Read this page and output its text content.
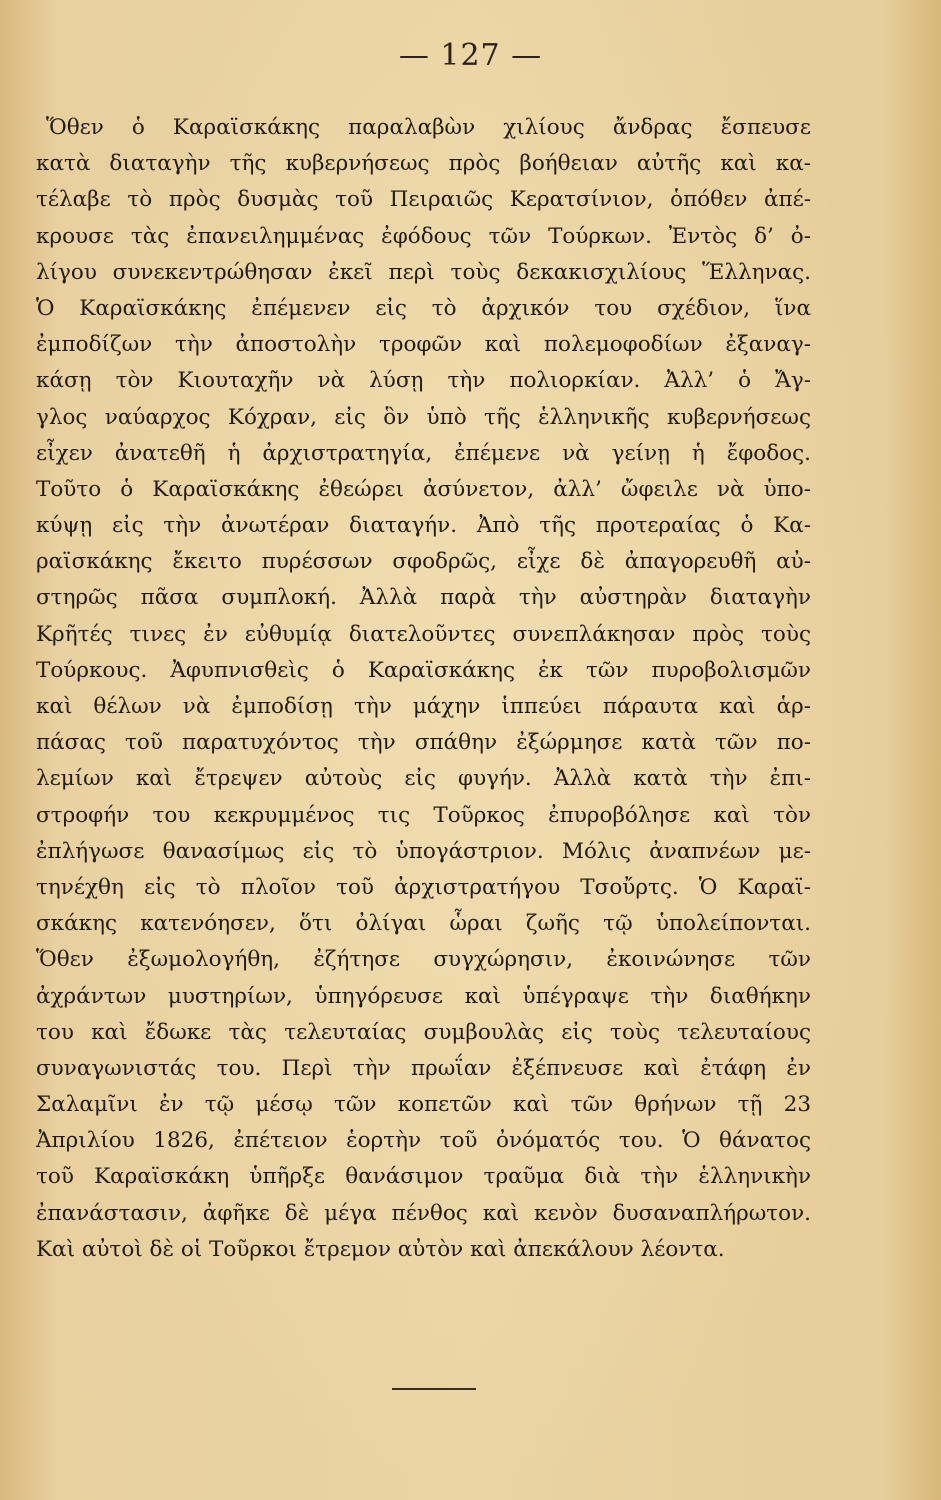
— 127 —
Ὅθεν ὁ Καραϊσκάκης παραλαβὼν χιλίους ἄνδρας ἔσπευσε
κατὰ διαταγὴν τῆς κυβερνήσεως πρὸς βοήθειαν αὐτῆς καὶ κα-
τέλαβε τὸ πρὸς δυσμὰς τοῦ Πειραιῶς Κερατσίνιον, ὁπόθεν ἀπέ-
κρουσε τὰς ἐπανειλημμένας ἐφόδους τῶν Τούρκων. Ἐντὸς δ’ ὀ-
λίγου συνεκεντρώθησαν ἐκεῖ περὶ τοὺς δεκακισχιλίους Ἕλληνας.
Ὁ Καραϊσκάκης ἐπέμενεν εἰς τὸ ἀρχικόν του σχέδιον, ἵνα
ἐμποδίζων τὴν ἀποστολὴν τροφῶν καὶ πολεμοφοδίων ἐξαναγ-
κάσῃ τὸν Κιουταχῆν νὰ λύσῃ τὴν πολιορκίαν. Ἀλλ’ ὁ Ἄγ-
γλος ναύαρχος Κόχραν, εἰς ὃν ὑπὸ τῆς ἑλληνικῆς κυβερνήσεως
εἶχεν ἀνατεθῆ ἡ ἀρχιστρατηγία, ἐπέμενε νὰ γείνῃ ἡ ἔφοδος.
Τοῦτο ὁ Καραϊσκάκης ἐθεώρει ἀσύνετον, ἀλλ’ ὤφειλε νὰ ὑπο-
κύψῃ εἰς τὴν ἀνωτέραν διαταγήν. Ἀπὸ τῆς προτεραίας ὁ Κα-
ραϊσκάκης ἔκειτο πυρέσσων σφοδρῶς, εἶχε δὲ ἀπαγορευθῆ αὐ-
στηρῶς πᾶσα συμπλοκή. Ἀλλὰ παρὰ τὴν αὐστηρὰν διαταγὴν
Κρῆτές τινες ἐν εὐθυμίᾳ διατελοῦντες συνεπλάκησαν πρὸς τοὺς
Τούρκους. Ἀφυπνισθεὶς ὁ Καραϊσκάκης ἐκ τῶν πυροβολισμῶν
καὶ θέλων νὰ ἐμποδίσῃ τὴν μάχην ἱππεύει πάραυτα καὶ ἁρ-
πάσας τοῦ παρατυχόντος τὴν σπάθην ἐξώρμησε κατὰ τῶν πο-
λεμίων καὶ ἔτρεψεν αὐτοὺς εἰς φυγήν. Ἀλλὰ κατὰ τὴν ἐπι-
στροφήν του κεκρυμμένος τις Τοῦρκος ἐπυροβόλησε καὶ τὸν
ἐπλήγωσε θανασίμως εἰς τὸ ὑπογάστριον. Μόλις ἀναπνέων με-
τηνέχθη εἰς τὸ πλοῖον τοῦ ἀρχιστρατήγου Τσοὔρτς. Ὁ Καραϊ-
σκάκης κατενόησεν, ὅτι ὀλίγαι ὧραι ζωῆς τῷ ὑπολείπονται.
Ὅθεν ἐξωμολογήθη, ἐζήτησε συγχώρησιν, ἐκοινώνησε τῶν
ἀχράντων μυστηρίων, ὑπηγόρευσε καὶ ὑπέγραψε τὴν διαθήκην
του καὶ ἔδωκε τὰς τελευταίας συμβουλὰς εἰς τοὺς τελευταίους
συναγωνιστάς του. Περὶ τὴν πρωΐαν ἐξέπνευσε καὶ ἐτάφη ἐν
Σαλαμῖνι ἐν τῷ μέσῳ τῶν κοπετῶν καὶ τῶν θρήνων τῇ 23
Ἀπριλίου 1826, ἐπέτειον ἑορτὴν τοῦ ὀνόματός του. Ὁ θάνατος
τοῦ Καραϊσκάκη ὑπῆρξε θανάσιμον τραῦμα διὰ τὴν ἑλληνικὴν
ἐπανάστασιν, ἀφῆκε δὲ μέγα πένθος καὶ κενὸν δυσαναπλήρωτον.
Καὶ αὐτοὶ δὲ οἱ Τοῦρκοι ἔτρεμον αὐτὸν καὶ ἀπεκάλουν λέοντα.
